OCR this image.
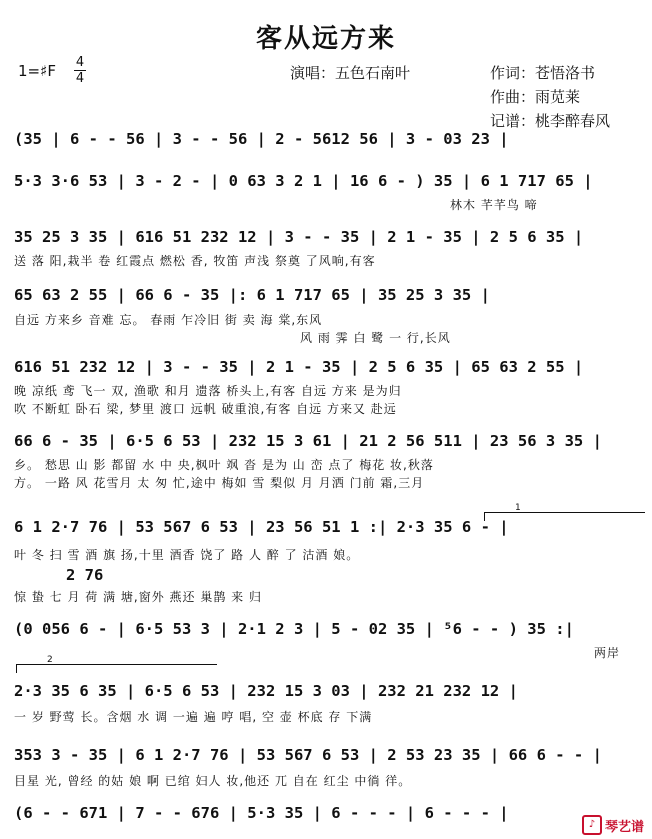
客从远方来
1=♯F 4
4	演唱：五色石南叶	作词：苍悟洛书
作曲：雨苋莱
记谱：桃李醉春风
(35 | 6 - - 56 | 3 - - 56 | 2 - 5612 56 | 3 - 03 23 |
5·3 3·6 53 | 3 - 2 - | 0 63 3 2 1 | 16 6 - ) 35 | 6 1 717 65 |
林木 芊芊鸟 啼
35 25 3 35 | 616 51 232 12 | 3 - - 35 | 2 1 - 35 | 2 5 6 35 |
送 落 阳,栽半 卷 红霞点 燃松 香, 牧笛 声浅 祭奠 了风响,有客
65 63 2 55 | 66 6 - 35 |: 6 1 717 65 | 35 25 3 35 |
自远 方来乡 音难 忘。 春雨 乍冷旧 街 卖 海 棠,东风
风 雨 霁 白 鹭 一 行,长风
616 51 232 12 | 3 - - 35 | 2 1 - 35 | 2 5 6 35 | 65 63 2 55 |
晚 凉纸 鸢 飞一 双, 渔歌 和月 遗落 桥头上,有客 自远 方来 是为归
吹 不断虹 卧石 梁, 梦里 渡口 远帆 破重浪,有客 自远 方来又 赴远
66 6 - 35 | 6·5 6 53 | 232 15 3 61 | 21 2 56 511 | 23 56 3 35 |
乡。 愁思 山 影 都留 水 中 央,枫叶 飒 沓 是为 山 峦 点了 梅花 妆,秋落
方。 一路 风 花雪月 太 匆 忙,途中 梅如 雪 梨似 月 月洒 门前 霜,三月
1
6 1 2·7 76 | 53 567 6 53 | 23 56 51 1 :| 2·3 35 6 - |
叶 冬 扫 雪 酒 旗 扬,十里 酒香 饶了 路 人 醉 了 沽酒 娘。
2 76
惊 蛰 七 月 荷 满 塘,窗外 燕还 巢鹊 来 归
(0 056 6 - | 6·5 53 3 | 2·1 2 3 | 5 - 02 35 | ⁵6 - - ) 35 :|
两岸
2
2·3 35 6 35 | 6·5 6 53 | 232 15 3 03 | 232 21 232 12 |
一 岁 野莺 长。含烟 水 调 一遍 遍 哼 唱, 空 壶 杯底 存 下满
353 3 - 35 | 6 1 2·7 76 | 53 567 6 53 | 2 53 23 35 | 66 6 - - |
目星 光, 曾经 的姑 娘 啊 已绾 妇人 妆,他还 兀 自在 红尘 中徜 徉。
(6 - - 671 | 7 - - 676 | 5·3 35 | 6 - - - | 6 - - - |
♪ 琴艺谱
